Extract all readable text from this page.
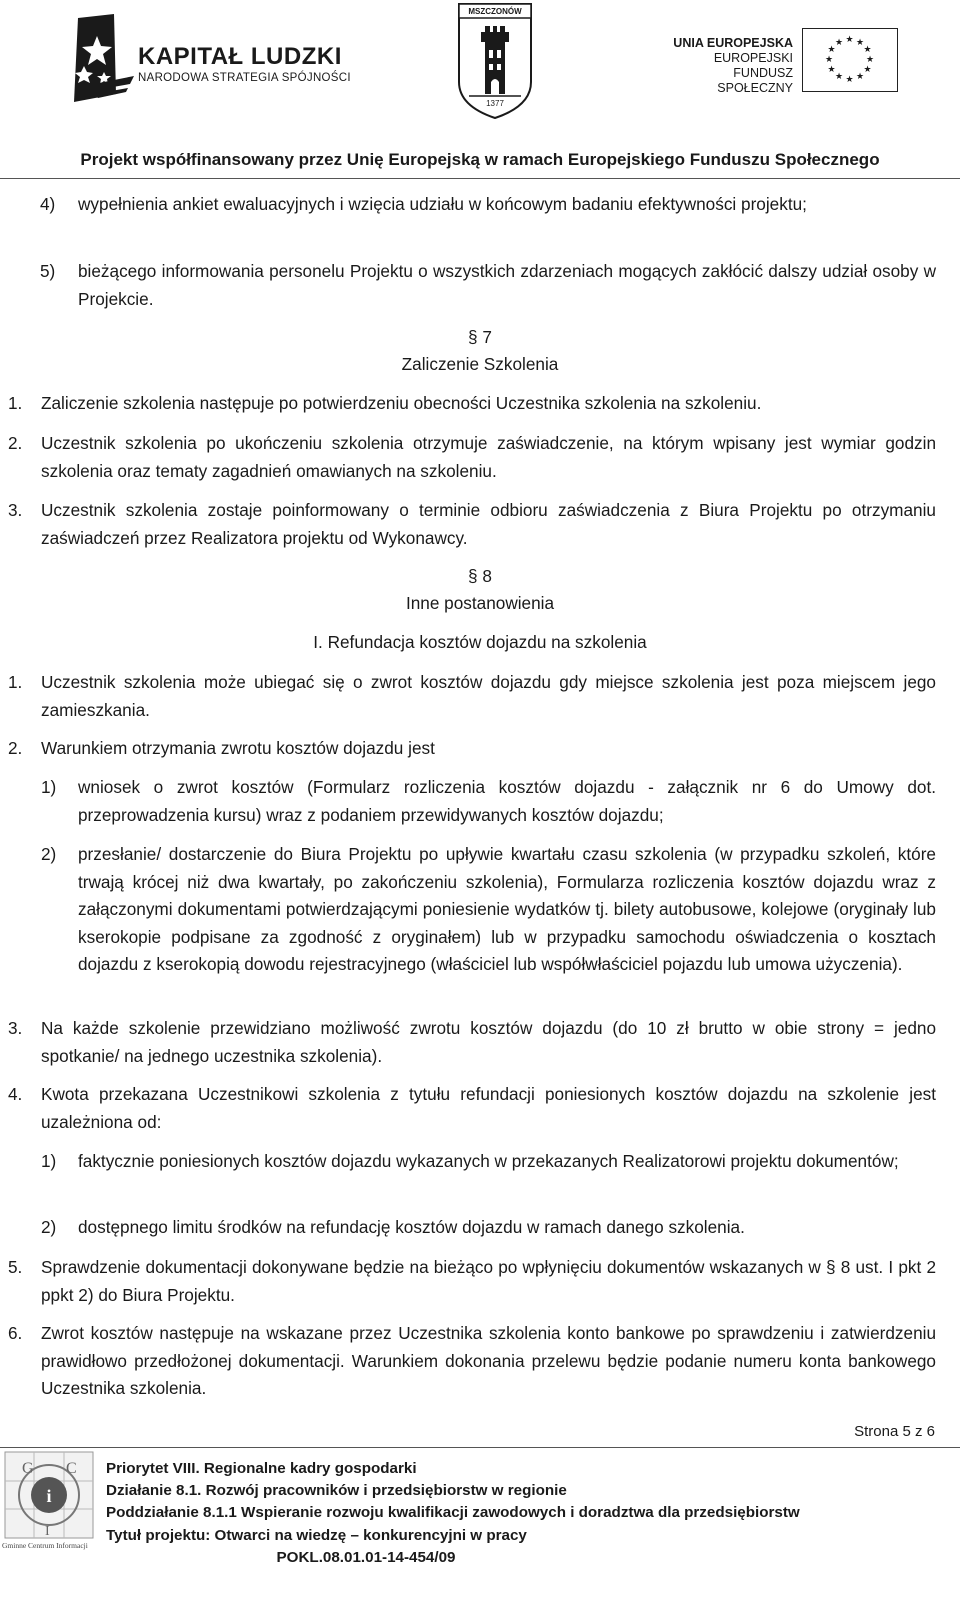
KAPITAŁ LUDZKI
NARODOWA STRATEGIA SPÓJNOŚCI
MSZCZONÓW
1377
UNIA EUROPEJSKA
EUROPEJSKI
FUNDUSZ SPOŁECZNY
★ ★
★
★
★
★
★
★
★
★
★
★
Projekt współfinansowany przez Unię Europejską w ramach Europejskiego Funduszu Społecznego
4) wypełnienia ankiet ewaluacyjnych i wzięcia udziału w końcowym badaniu efektywności projektu;
5) bieżącego informowania personelu Projektu o wszystkich zdarzeniach mogących zakłócić dalszy udział osoby w Projekcie.
§ 7
Zaliczenie Szkolenia
1. Zaliczenie szkolenia następuje po potwierdzeniu obecności Uczestnika szkolenia na szkoleniu.
2. Uczestnik szkolenia po ukończeniu szkolenia otrzymuje zaświadczenie, na którym wpisany jest wymiar godzin szkolenia oraz tematy zagadnień omawianych na szkoleniu.
3. Uczestnik szkolenia zostaje poinformowany o terminie odbioru zaświadczenia z Biura Projektu po otrzymaniu zaświadczeń przez Realizatora projektu od Wykonawcy.
§ 8
Inne postanowienia
I. Refundacja kosztów dojazdu na szkolenia
1. Uczestnik szkolenia może ubiegać się o zwrot kosztów dojazdu gdy miejsce szkolenia jest poza miejscem jego zamieszkania.
2. Warunkiem otrzymania zwrotu kosztów dojazdu jest
1) wniosek o zwrot kosztów (Formularz rozliczenia kosztów dojazdu - załącznik nr 6 do Umowy dot. przeprowadzenia kursu) wraz z podaniem przewidywanych kosztów dojazdu;
2) przesłanie/ dostarczenie do Biura Projektu po upływie kwartału czasu szkolenia (w przypadku szkoleń, które trwają krócej niż dwa kwartały, po zakończeniu szkolenia), Formularza rozliczenia kosztów dojazdu wraz z załączonymi dokumentami potwierdzającymi poniesienie wydatków tj. bilety autobusowe, kolejowe (oryginały lub kserokopie podpisane za zgodność z oryginałem) lub w przypadku samochodu oświadczenia o kosztach dojazdu z kserokopią dowodu rejestracyjnego (właściciel lub współwłaściciel pojazdu lub umowa użyczenia).
3. Na każde szkolenie przewidziano możliwość zwrotu kosztów dojazdu (do 10 zł brutto w obie strony = jedno spotkanie/ na jednego uczestnika szkolenia).
4. Kwota przekazana Uczestnikowi szkolenia z tytułu refundacji poniesionych kosztów dojazdu na szkolenie jest uzależniona od:
1) faktycznie poniesionych kosztów dojazdu wykazanych w przekazanych Realizatorowi projektu dokumentów;
2) dostępnego limitu środków na refundację kosztów dojazdu w ramach danego szkolenia.
5. Sprawdzenie dokumentacji dokonywane będzie na bieżąco po wpłynięciu dokumentów wskazanych w § 8 ust. I pkt 2 ppkt 2) do Biura Projektu.
6. Zwrot kosztów następuje na wskazane przez Uczestnika szkolenia konto bankowe po sprawdzeniu i zatwierdzeniu prawidłowo przedłożonej dokumentacji. Warunkiem dokonania przelewu będzie podanie numeru konta bankowego Uczestnika szkolenia.
Strona 5 z 6
i
G C
I
Gminne Centrum Informacji
Priorytet VIII. Regionalne kadry gospodarki
Działanie 8.1. Rozwój pracowników i przedsiębiorstw w regionie
Poddziałanie 8.1.1 Wspieranie rozwoju kwalifikacji zawodowych i doradztwa dla przedsiębiorstw
Tytuł projektu: Otwarci na wiedzę – konkurencyjni w pracy
POKL.08.01.01-14-454/09
